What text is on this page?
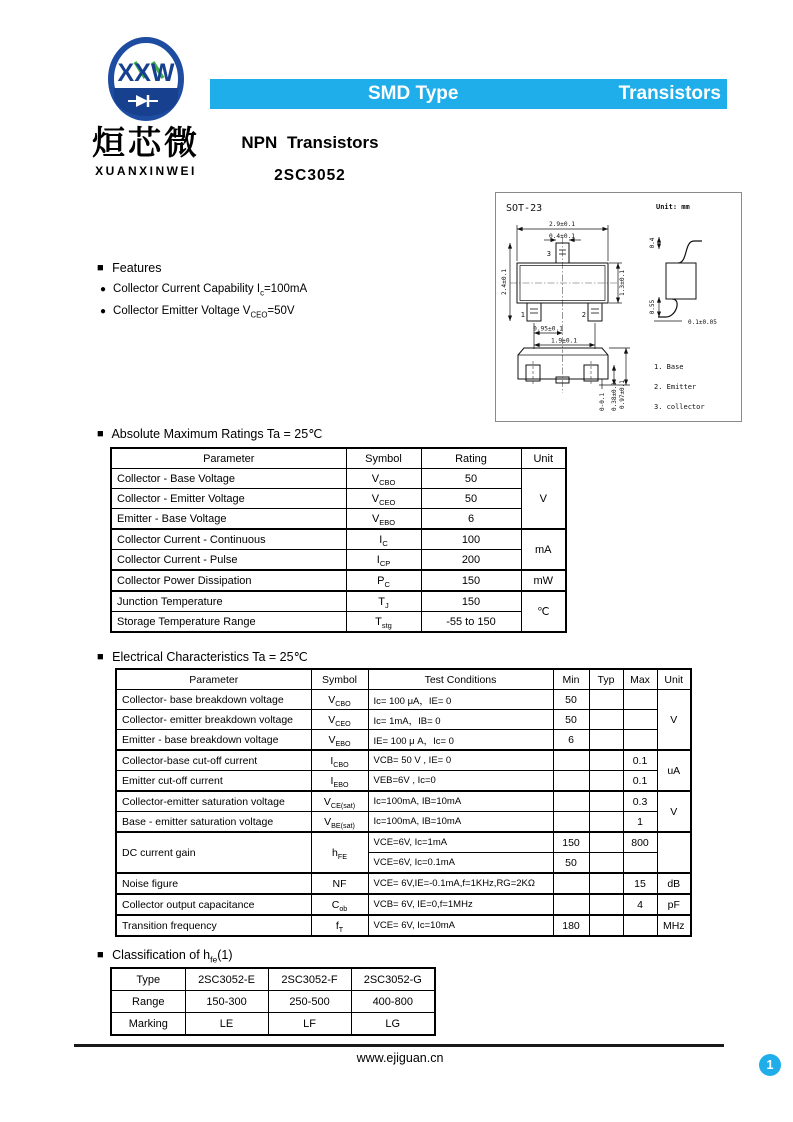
XXW
烜芯微
XUANXINWEI
SMD Type	Transistors
NPN Transistors
2SC3052
SOT-23	Unit: mm
3
1	2
2.9±0.1
0.4±0.1
2.4±0.1	1.3±0.1
0.95±0.1
1.9±0.1
0.4
0.55
0.1±0.05
0.97±0.1
0.38±0.1
0-0.1
1. Base
2. Emitter
3. collector
■ Features
● Collector Current Capability $I_c=100mA$
● Collector Emitter Voltage $V_{CEO}=50V$
■ Absolute Maximum Ratings Ta = 25℃
Parameter	Symbol	Rating	Unit
Collector - Base Voltage	$V_{CBO}$	50	V
Collector - Emitter Voltage	$V_{CEO}$	50	
Emitter - Base Voltage	$V_{EBO}$	6	
Collector Current - Continuous	$I_C$	100	mA
Collector Current - Pulse	$I_{CP}$	200	
Collector Power Dissipation	$P_C$	150	mW
Junction Temperature	$T_J$	150	℃
Storage Temperature Range	$T_{stg}$	-55 to 150	
■ Electrical Characteristics Ta = 25℃
Parameter	Symbol	Test Conditions	Min	Typ	Max	Unit
Collector- base breakdown voltage	$V_{CBO}$	Ic= 100 μA，IE= 0	50			V
Collector- emitter breakdown voltage	$V_{CEO}$	Ic= 1mA，IB= 0	50			
Emitter - base breakdown voltage	$V_{EBO}$	IE= 100 μ A，Ic= 0	6			
Collector-base cut-off current	$I_{CBO}$	VCB= 50 V , IE= 0			0.1	uA
Emitter cut-off current	$I_{EBO}$	VEB=6V , Ic=0			0.1	
Collector-emitter saturation voltage	$V_{CE(sat)}$	Ic=100mA, IB=10mA			0.3	V
Base - emitter saturation voltage	$V_{BE(sat)}$	Ic=100mA, IB=10mA			1	
DC current gain	$h_{FE}$	VCE=6V, Ic=1mA	150		800	
		VCE=6V, Ic=0.1mA	50			
Noise figure	NF	VCE= 6V,IE=-0.1mA,f=1KHz,RG=2KΩ			15	dB
Collector output capacitance	$C_{ob}$	VCB= 6V, IE=0,f=1MHz			4	pF
Transition frequency	$f_T$	VCE= 6V, Ic=10mA	180			MHz
■ Classification of $h_{fe}(1)$
Type	2SC3052-E	2SC3052-F	2SC3052-G
Range	150-300	250-500	400-800
Marking	LE	LF	LG
www.ejiguan.cn	1
